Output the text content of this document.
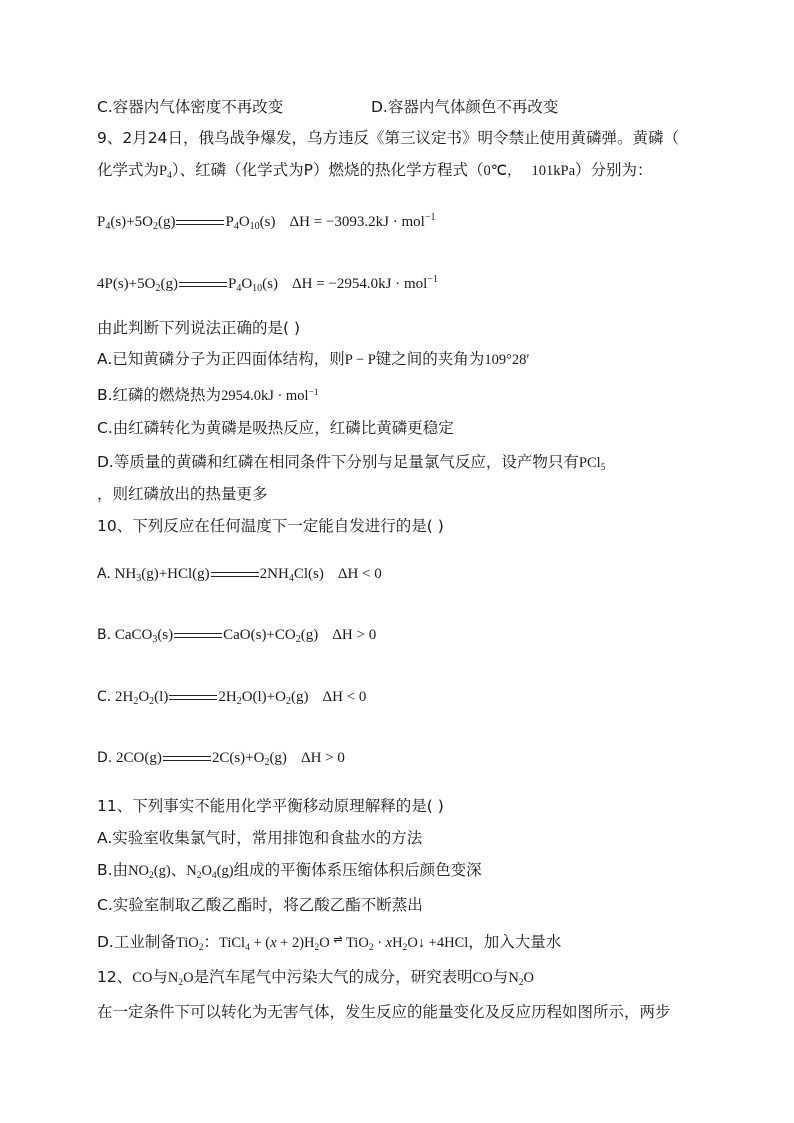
C.容器内气体密度不再改变	D.容器内气体颜色不再改变
9、2月24日，俄乌战争爆发，乌方违反《第三议定书》明令禁止使用黄磷弹。黄磷（
化学式为$P_4$）、红磷（化学式为P）燃烧的热化学方程式（0℃， 101kPa）分别为：
$P_4(s)+5O_2(g)$	$P_4O_{10}(s) \Delta H = -3093.2kJ \cdot mol^{-1}$
$4P(s)+5O_2(g)$	$P_4O_{10}(s) \Delta H = -2954.0kJ \cdot mol^{-1}$
由此判断下列说法正确的是( )
A.已知黄磷分子为正四面体结构，则P − P键之间的夹角为109°28′
B.红磷的燃烧热为2954.0kJ · mol$^{-1}$
C.由红磷转化为黄磷是吸热反应，红磷比黄磷更稳定
D.等质量的黄磷和红磷在相同条件下分别与足量氯气反应，设产物只有PCl$_5$
，则红磷放出的热量更多
10、下列反应在任何温度下一定能自发进行的是( )
A. $NH_3(g)+HCl(g)$	$2NH_4Cl(s) \Delta H < 0$
B. CaCO$_3$(s)	$CaO(s)+CO_2(g) \Delta H > 0$
C. $2H_2O_2(l)$	$2H_2O(l)+O_2(g) \Delta H < 0$
D. 2CO(g)	$2C(s)+O_2(g) \Delta H > 0$
11、下列事实不能用化学平衡移动原理解释的是( )
A.实验室收集氯气时，常用排饱和食盐水的方法
B.由$NO_2(g)$、$N_2O_4(g)$组成的平衡体系压缩体积后颜色变深
C.实验室制取乙酸乙酯时，将乙酸乙酯不断蒸出
D.工业制备TiO$_2$：TiCl$_4$ + $(x + 2)H_2O$ ⇌ $TiO_2 \cdot xH_2O↓ +4HCl$，加入大量水
12、CO与$N_2O$是汽车尾气中污染大气的成分，研究表明CO与$N_2O$
在一定条件下可以转化为无害气体，发生反应的能量变化及反应历程如图所示，两步
